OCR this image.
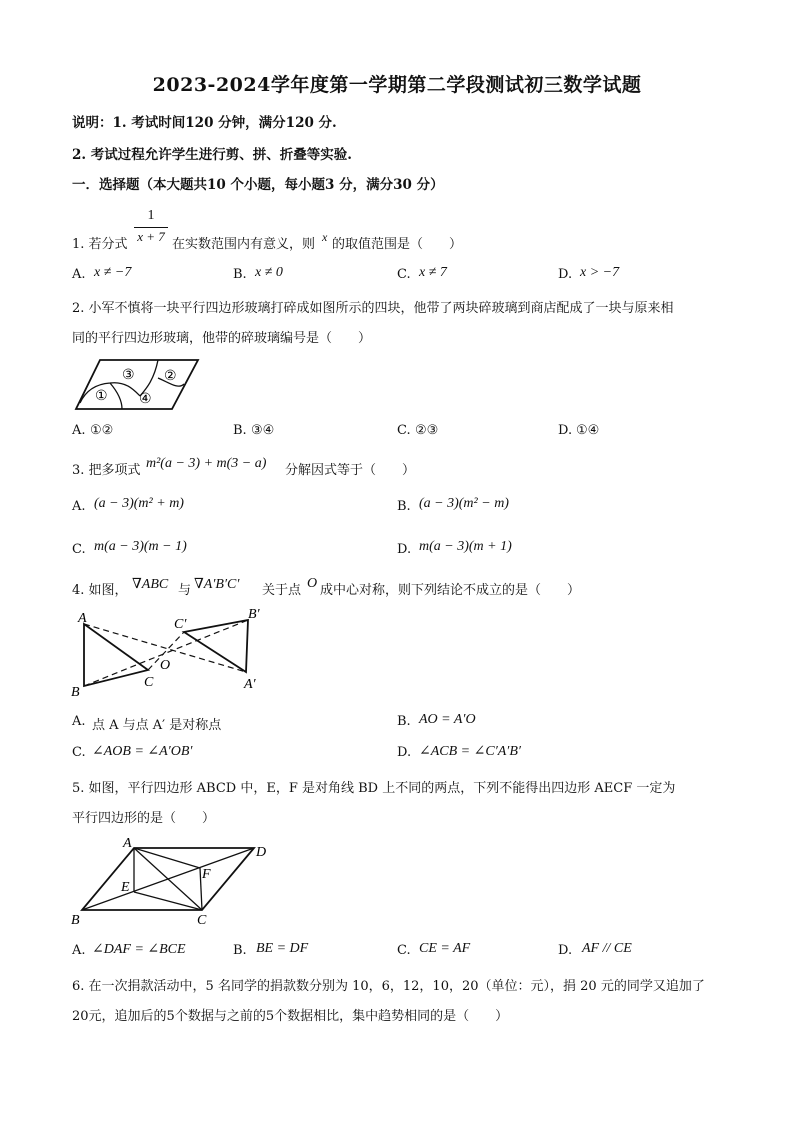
2023-2024学年度第一学期第二学段测试初三数学试题
说明：1. 考试时间120 分钟，满分120 分.
2. 考试过程允许学生进行剪、拼、折叠等实验.
一．选择题（本大题共10 个小题，每小题3 分，满分30 分）
1. 若分式
1
x + 7
在实数范围内有意义，则 x 的取值范围是（　　）
A. x ≠ −7	B. x ≠ 0	C. x ≠ 7	D. x > −7
2. 小军不慎将一块平行四边形玻璃打碎成如图所示的四块，他带了两块碎玻璃到商店配成了一块与原来相
同的平行四边形玻璃，他带的碎玻璃编号是（　　）
①
②
③
④
A. ①②	B. ③④	C. ②③	D. ①④
3. 把多项式 m²(a − 3) + m(3 − a) 分解因式等于（　　）
A. (a − 3)(m² + m)	B. (a − 3)(m² − m)
C. m(a − 3)(m − 1)	D. m(a − 3)(m + 1)
4. 如图， ∇ABC 与 ∇A′B′C′ 关于点 O 成中心对称，则下列结论不成立的是（　　）
A
B
C
C′
B′
A′
O
A. 点 A 与点 A′ 是对称点	B. AO = A′O
C. ∠AOB = ∠A′OB′	D. ∠ACB = ∠C′A′B′
5. 如图，平行四边形 ABCD 中，E，F 是对角线 BD 上不同的两点，下列不能得出四边形 AECF 一定为
平行四边形的是（　　）
A
D
E
F
B	C
A. ∠DAF = ∠BCE	B. BE = DF	C. CE = AF	D. AF // CE
6. 在一次捐款活动中，5 名同学的捐款数分别为 10，6，12，10，20（单位：元），捐 20 元的同学又追加了
20元，追加后的5个数据与之前的5个数据相比，集中趋势相同的是（　　）
